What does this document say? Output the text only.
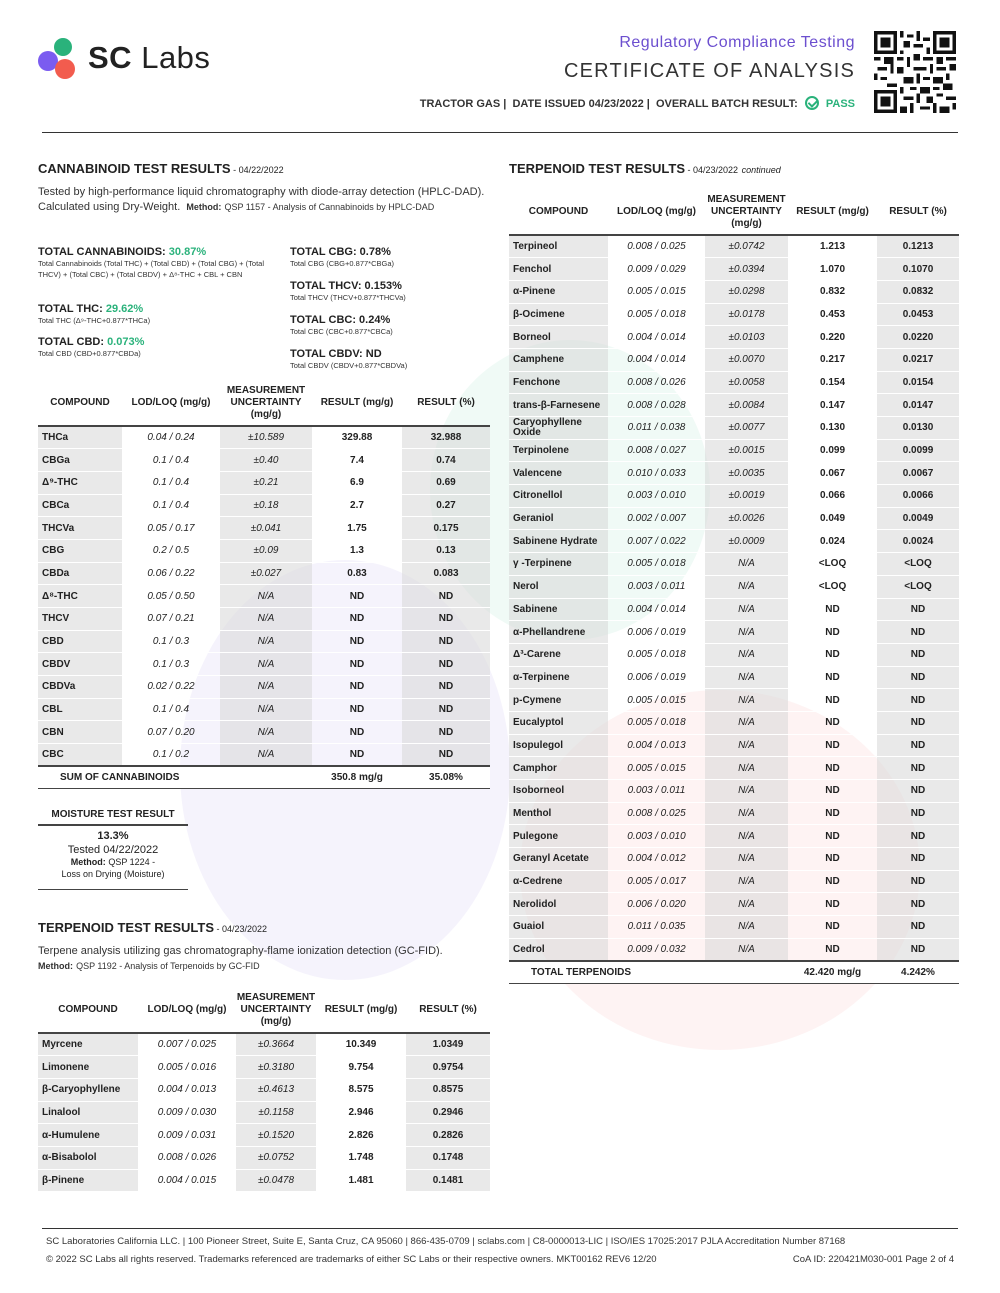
SC Labs	Regulatory Compliance Testing
CERTIFICATE OF ANALYSIS
TRACTOR GAS |  DATE ISSUED 04/23/2022 |  OVERALL BATCH RESULT:	PASS
CANNABINOID TEST RESULTS - 04/22/2022
Tested by high-performance liquid chromatography with diode-array detection (HPLC-DAD). Calculated using Dry-Weight. Method: QSP 1157 - Analysis of Cannabinoids by HPLC-DAD
TOTAL CANNABINOIDS: 30.87%
Total Cannabinoids (Total THC) + (Total CBD) + (Total CBG) + (Total THCV) + (Total CBC) + (Total CBDV) + Δ⁸-THC + CBL + CBN
TOTAL THC: 29.62%
Total THC (Δ⁹-THC+0.877*THCa)
TOTAL CBD: 0.073%
Total CBD (CBD+0.877*CBDa)
TOTAL CBG: 0.78%
Total CBG (CBG+0.877*CBGa)
TOTAL THCV: 0.153%
Total THCV (THCV+0.877*THCVa)
TOTAL CBC: 0.24%
Total CBC (CBC+0.877*CBCa)
TOTAL CBDV: ND
Total CBDV (CBDV+0.877*CBDVa)
COMPOUND	LOD/LOQ (mg/g)	MEASUREMENT UNCERTAINTY (mg/g)	RESULT (mg/g)	RESULT (%)
THCa	0.04 / 0.24	±10.589	329.88	32.988
CBGa	0.1 / 0.4	±0.40	7.4	0.74
Δ⁹-THC	0.1 / 0.4	±0.21	6.9	0.69
CBCa	0.1 / 0.4	±0.18	2.7	0.27
THCVa	0.05 / 0.17	±0.041	1.75	0.175
CBG	0.2 / 0.5	±0.09	1.3	0.13
CBDa	0.06 / 0.22	±0.027	0.83	0.083
Δ⁸-THC	0.05 / 0.50	N/A	ND	ND
THCV	0.07 / 0.21	N/A	ND	ND
CBD	0.1 / 0.3	N/A	ND	ND
CBDV	0.1 / 0.3	N/A	ND	ND
CBDVa	0.02 / 0.22	N/A	ND	ND
CBL	0.1 / 0.4	N/A	ND	ND
CBN	0.07 / 0.20	N/A	ND	ND
CBC	0.1 / 0.2	N/A	ND	ND
SUM OF CANNABINOIDS			350.8 mg/g	35.08%
MOISTURE TEST RESULT
13.3%
Tested 04/22/2022
Method: QSP 1224 -
Loss on Drying (Moisture)
TERPENOID TEST RESULTS - 04/23/2022
Terpene analysis utilizing gas chromatography-flame ionization detection (GC-FID).  Method: QSP 1192 - Analysis of Terpenoids by GC-FID
COMPOUND	LOD/LOQ (mg/g)	MEASUREMENT UNCERTAINTY (mg/g)	RESULT (mg/g)	RESULT (%)
Myrcene	0.007 / 0.025	±0.3664	10.349	1.0349
Limonene	0.005 / 0.016	±0.3180	9.754	0.9754
β-Caryophyllene	0.004 / 0.013	±0.4613	8.575	0.8575
Linalool	0.009 / 0.030	±0.1158	2.946	0.2946
α-Humulene	0.009 / 0.031	±0.1520	2.826	0.2826
α-Bisabolol	0.008 / 0.026	±0.0752	1.748	0.1748
β-Pinene	0.004 / 0.015	±0.0478	1.481	0.1481
TERPENOID TEST RESULTS - 04/23/2022 continued
COMPOUND	LOD/LOQ (mg/g)	MEASUREMENT UNCERTAINTY (mg/g)	RESULT (mg/g)	RESULT (%)
Terpineol	0.008 / 0.025	±0.0742	1.213	0.1213
Fenchol	0.009 / 0.029	±0.0394	1.070	0.1070
α-Pinene	0.005 / 0.015	±0.0298	0.832	0.0832
β-Ocimene	0.005 / 0.018	±0.0178	0.453	0.0453
Borneol	0.004 / 0.014	±0.0103	0.220	0.0220
Camphene	0.004 / 0.014	±0.0070	0.217	0.0217
Fenchone	0.008 / 0.026	±0.0058	0.154	0.0154
trans-β-Farnesene	0.008 / 0.028	±0.0084	0.147	0.0147
Caryophyllene Oxide	0.011 / 0.038	±0.0077	0.130	0.0130
Terpinolene	0.008 / 0.027	±0.0015	0.099	0.0099
Valencene	0.010 / 0.033	±0.0035	0.067	0.0067
Citronellol	0.003 / 0.010	±0.0019	0.066	0.0066
Geraniol	0.002 / 0.007	±0.0026	0.049	0.0049
Sabinene Hydrate	0.007 / 0.022	±0.0009	0.024	0.0024
γ -Terpinene	0.005 / 0.018	N/A	<LOQ	<LOQ
Nerol	0.003 / 0.011	N/A	<LOQ	<LOQ
Sabinene	0.004 / 0.014	N/A	ND	ND
α-Phellandrene	0.006 / 0.019	N/A	ND	ND
Δ³-Carene	0.005 / 0.018	N/A	ND	ND
α-Terpinene	0.006 / 0.019	N/A	ND	ND
p-Cymene	0.005 / 0.015	N/A	ND	ND
Eucalyptol	0.005 / 0.018	N/A	ND	ND
Isopulegol	0.004 / 0.013	N/A	ND	ND
Camphor	0.005 / 0.015	N/A	ND	ND
Isoborneol	0.003 / 0.011	N/A	ND	ND
Menthol	0.008 / 0.025	N/A	ND	ND
Pulegone	0.003 / 0.010	N/A	ND	ND
Geranyl Acetate	0.004 / 0.012	N/A	ND	ND
α-Cedrene	0.005 / 0.017	N/A	ND	ND
Nerolidol	0.006 / 0.020	N/A	ND	ND
Guaiol	0.011 / 0.035	N/A	ND	ND
Cedrol	0.009 / 0.032	N/A	ND	ND
TOTAL TERPENOIDS			42.420 mg/g	4.242%
SC Laboratories California LLC. | 100 Pioneer Street, Suite E, Santa Cruz, CA 95060 | 866-435-0709 | sclabs.com | C8-0000013-LIC | ISO/IES 17025:2017 PJLA Accreditation Number 87168
© 2022 SC Labs all rights reserved. Trademarks referenced are trademarks of either SC Labs or their respective owners. MKT00162 REV6 12/20	CoA ID: 220421M030-001 Page 2 of 4
